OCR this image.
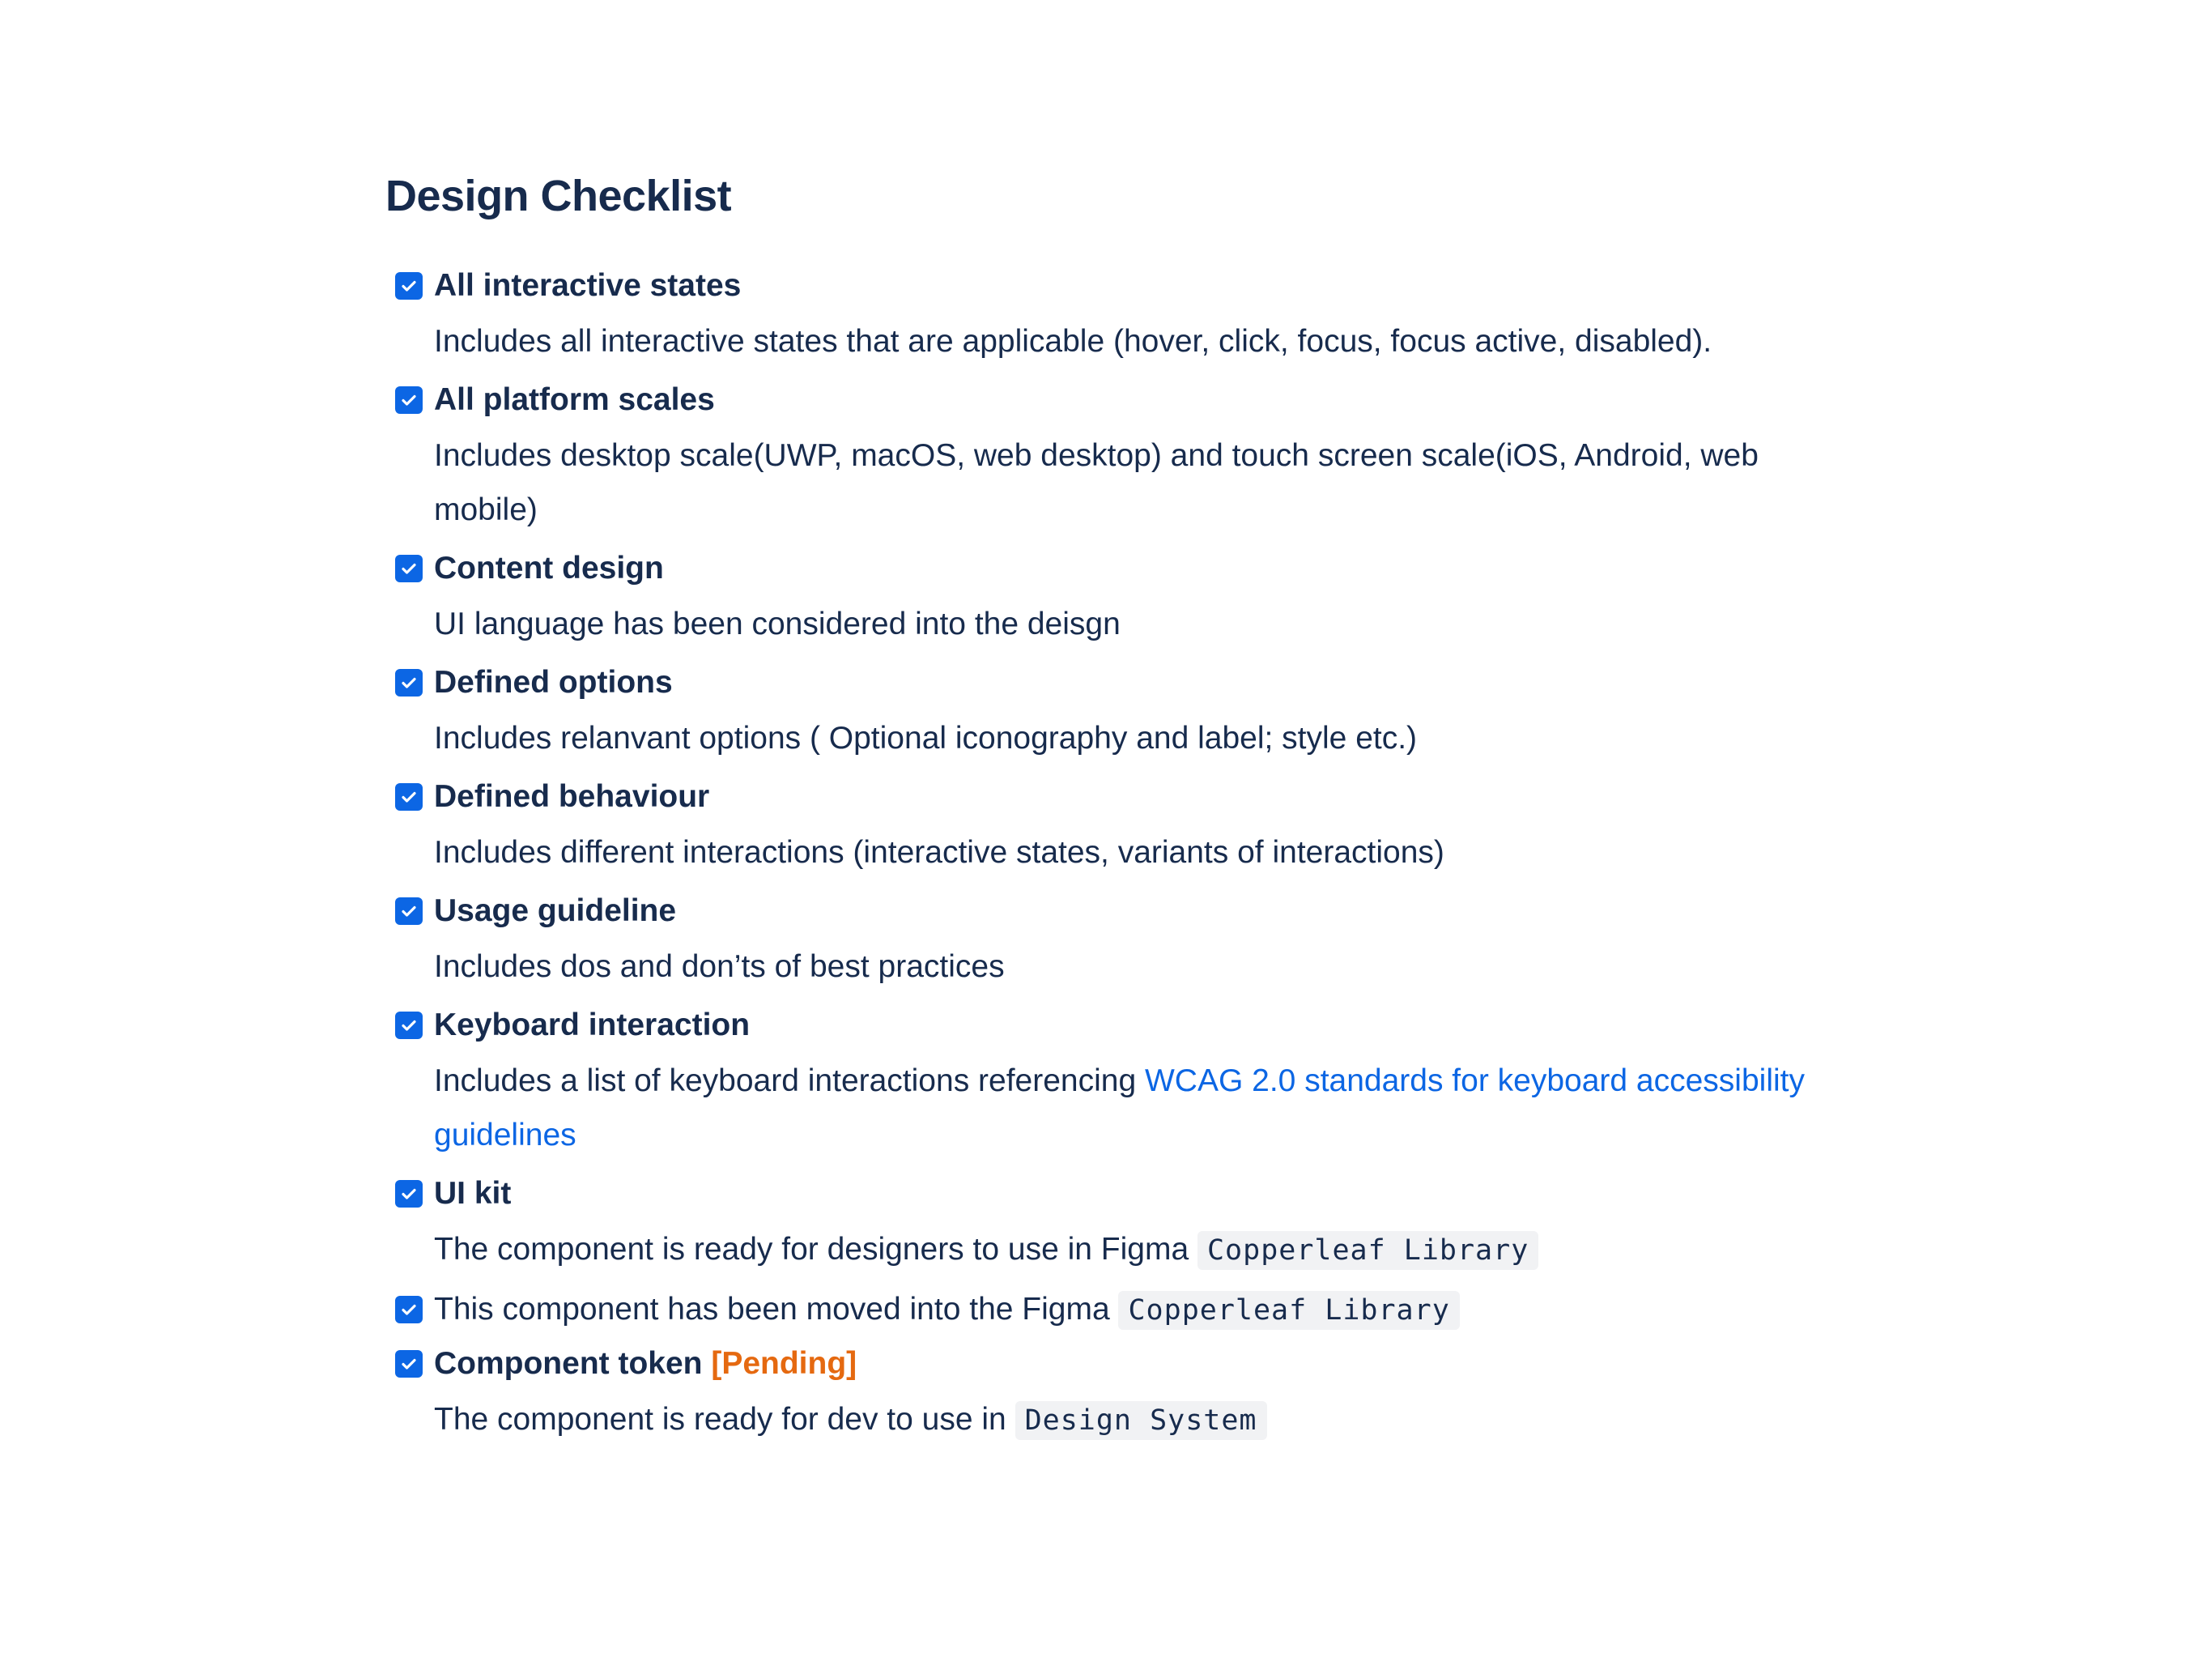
Design Checklist
All interactive states
Includes all interactive states that are applicable (hover, click, focus, focus active, disabled).
All platform scales
Includes desktop scale(UWP, macOS, web desktop) and touch screen scale(iOS, Android, web mobile)
Content design
UI language has been considered into the deisgn
Defined options
Includes relanvant options ( Optional iconography and label; style etc.)
Defined behaviour
Includes different interactions (interactive states, variants of interactions)
Usage guideline
Includes dos and don’ts of best practices
Keyboard interaction
Includes a list of keyboard interactions referencing WCAG 2.0 standards for keyboard accessibility guidelines
UI kit
The component is ready for designers to use in Figma Copperleaf Library
This component has been moved into the Figma Copperleaf Library
Component token [Pending]
The component is ready for dev to use in Design System
